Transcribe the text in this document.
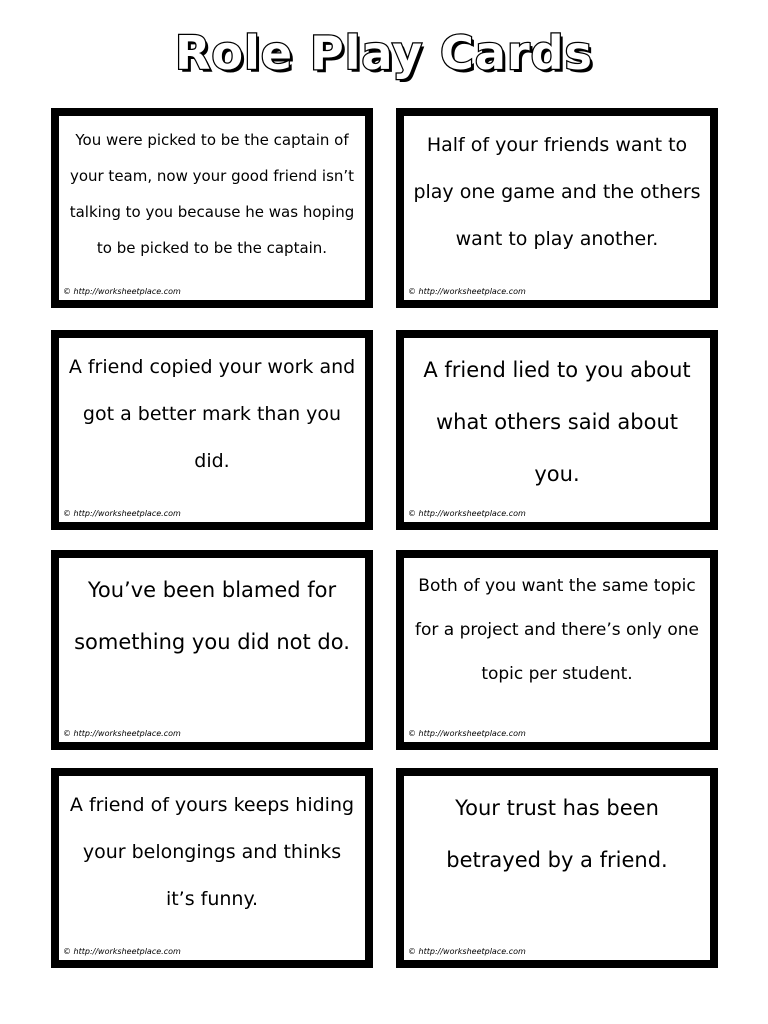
Role Play Cards
You were picked to be the captain of your team, now your good friend isn’t talking to you because he was hoping to be picked to be the captain.
© http://worksheetplace.com
Half of your friends want to play one game and the others want to play another.
© http://worksheetplace.com
A friend copied your work and got a better mark than you did.
© http://worksheetplace.com
A friend lied to you about what others said about you.
© http://worksheetplace.com
You’ve been blamed for something you did not do.
© http://worksheetplace.com
Both of you want the same topic for a project and there’s only one topic per student.
© http://worksheetplace.com
A friend of yours keeps hiding your belongings and thinks it’s funny.
© http://worksheetplace.com
Your trust has been betrayed by a friend.
© http://worksheetplace.com
